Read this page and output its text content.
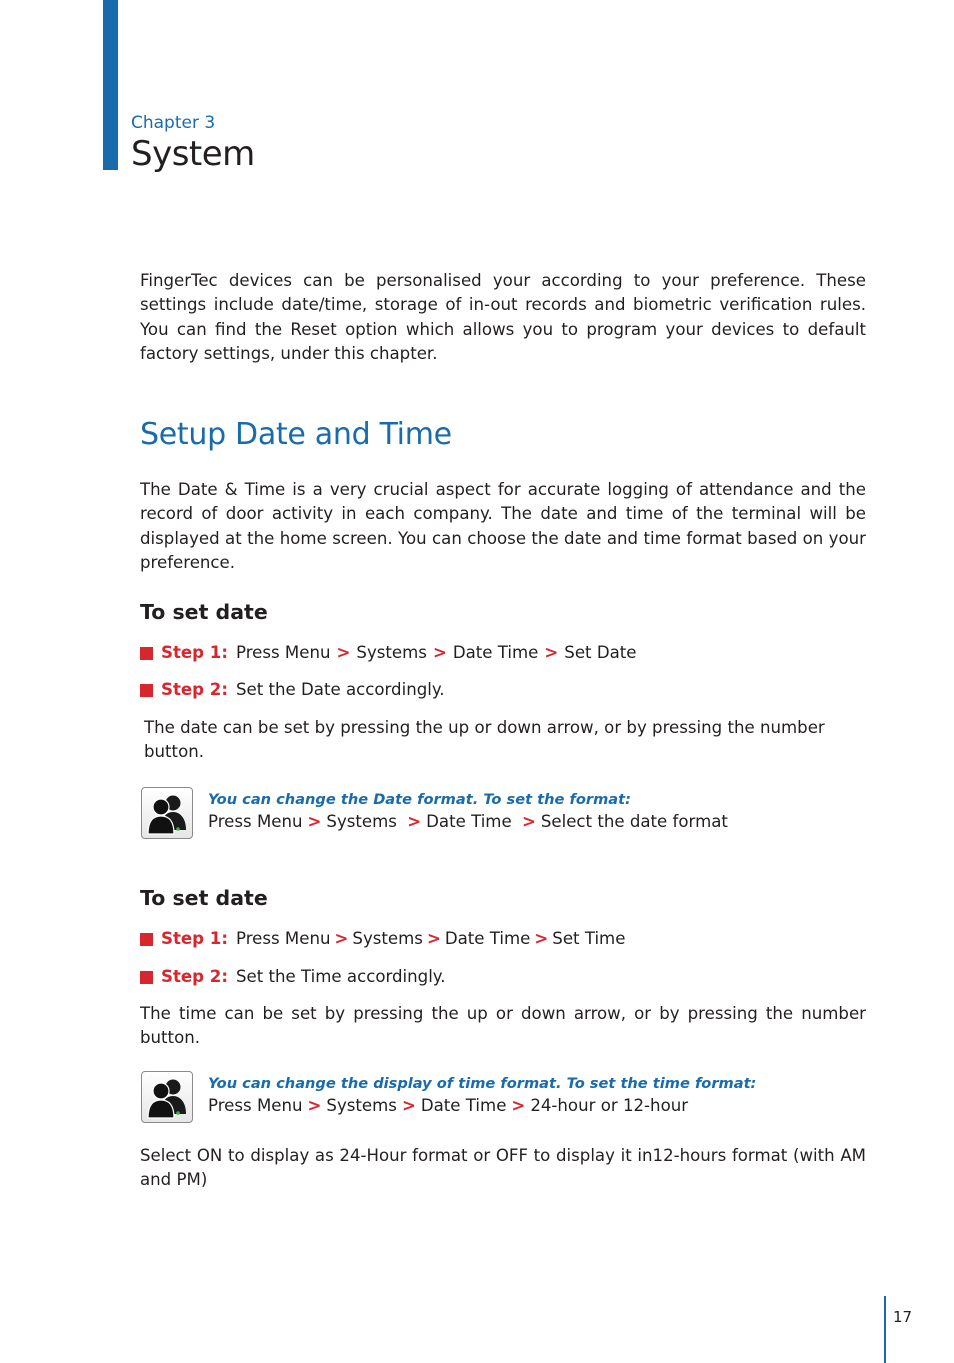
Chapter 3
System

FingerTec devices can be personalised your according to your preference. These settings include date/time, storage of in-out records and biometric verification rules. You can find the Reset option which allows you to program your devices to default factory settings, under this chapter.

Setup Date and Time

The Date & Time is a very crucial aspect for accurate logging of attendance and the record of door activity in each company. The date and time of the terminal will be displayed at the home screen. You can choose the date and time format based on your preference.

To set date
Step 1: Press Menu > Systems > Date Time > Set Date
Step 2: Set the Date accordingly.

The date can be set by pressing the up or down arrow, or by pressing the number button.

You can change the Date format. To set the format:
Press Menu > Systems > Date Time > Select the date format
To set date
Step 1: Press Menu > Systems > Date Time > Set Time
Step 2: Set the Time accordingly.

The time can be set by pressing the up or down arrow, or by pressing the number button.

You can change the display of time format. To set the time format:
Press Menu > Systems > Date Time > 24-hour or 12-hour

Select ON to display as 24-Hour format or OFF to display it in12-hours format (with AM and PM)

17
